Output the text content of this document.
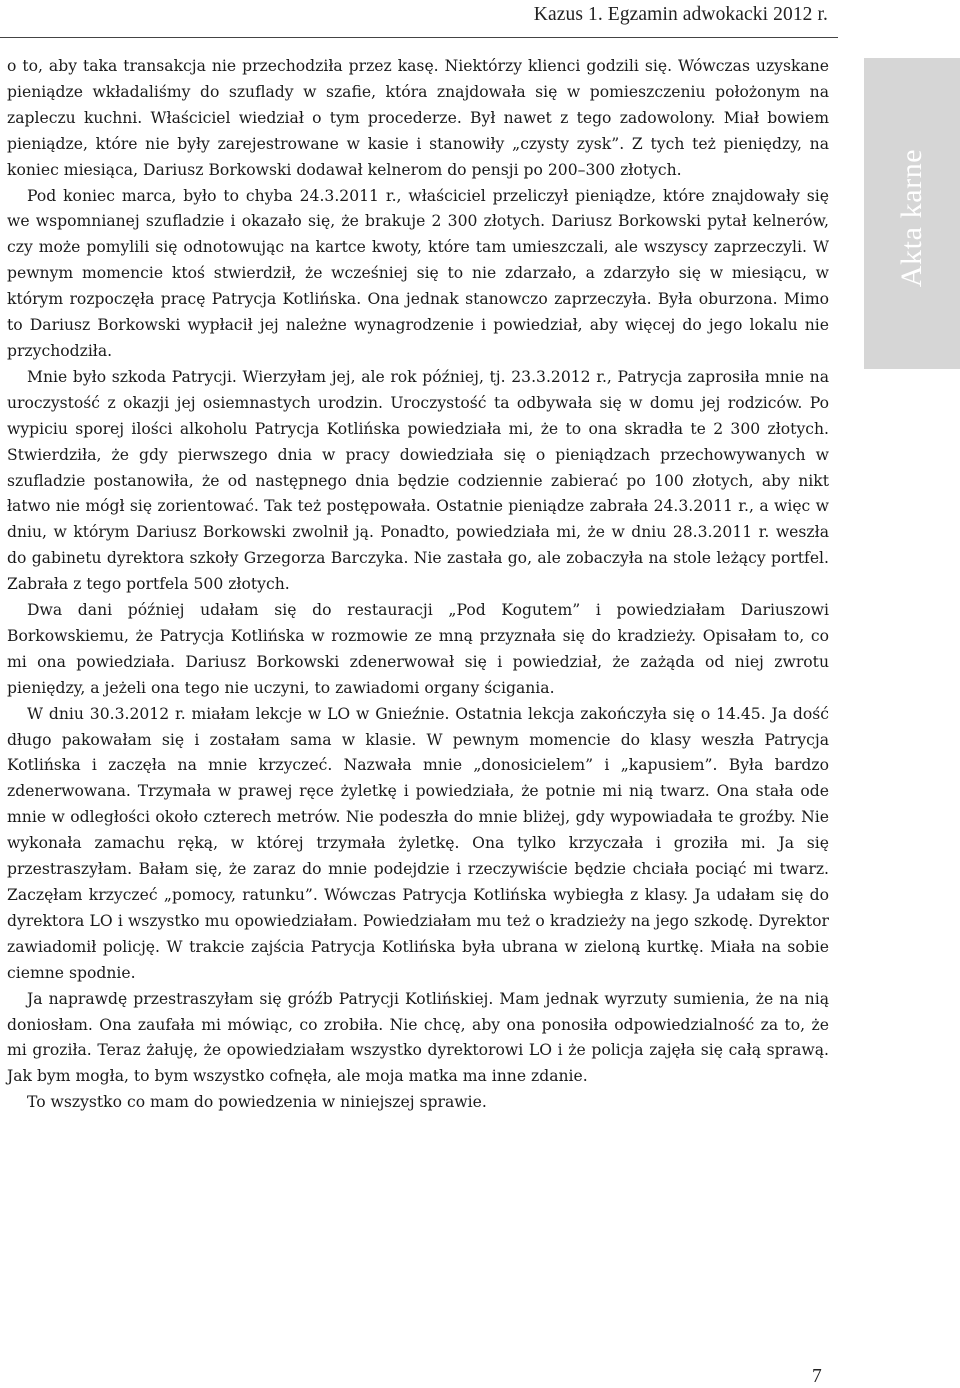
Kazus 1. Egzamin adwokacki 2012 r.
Akta karne

o to, aby taka transakcja nie przechodziła przez kasę. Niektórzy klienci godzili się. Wówczas uzyskane pieniądze wkładaliśmy do szuflady w szafie, która znajdowała się w pomieszczeniu położonym na zapleczu kuchni. Właściciel wiedział o tym procederze. Był nawet z tego zadowolony. Miał bowiem pieniądze, które nie były zarejestrowane w kasie i stanowiły „czysty zysk”. Z tych też pieniędzy, na koniec miesiąca, Dariusz Borkowski dodawał kelnerom do pensji po 200–300 złotych.

Pod koniec marca, było to chyba 24.3.2011 r., właściciel przeliczył pieniądze, które znajdowały się we wspomnianej szufladzie i okazało się, że brakuje 2 300 złotych. Dariusz Borkowski pytał kelnerów, czy może pomylili się odnotowując na kartce kwoty, które tam umieszczali, ale wszyscy zaprzeczyli. W pewnym momencie ktoś stwierdził, że wcześniej się to nie zdarzało, a zdarzyło się w miesiącu, w którym rozpoczęła pracę Patrycja Kotlińska. Ona jednak stanowczo zaprzeczyła. Była oburzona. Mimo to Dariusz Borkowski wypłacił jej należne wynagrodzenie i powiedział, aby więcej do jego lokalu nie przychodziła.

Mnie było szkoda Patrycji. Wierzyłam jej, ale rok później, tj. 23.3.2012 r., Patrycja zaprosiła mnie na uroczystość z okazji jej osiemnastych urodzin. Uroczystość ta odbywała się w domu jej rodziców. Po wypiciu sporej ilości alkoholu Patrycja Kotlińska powiedziała mi, że to ona skradła te 2 300 złotych. Stwierdziła, że gdy pierwszego dnia w pracy dowiedziała się o pieniądzach przechowywanych w szufladzie postanowiła, że od następnego dnia będzie codziennie zabierać po 100 złotych, aby nikt łatwo nie mógł się zorientować. Tak też postępowała. Ostatnie pieniądze zabrała 24.3.2011 r., a więc w dniu, w którym Dariusz Borkowski zwolnił ją. Ponadto, powiedziała mi, że w dniu 28.3.2011 r. weszła do gabinetu dyrektora szkoły Grzegorza Barczyka. Nie zastała go, ale zobaczyła na stole leżący portfel. Zabrała z tego portfela 500 złotych.

Dwa dani później udałam się do restauracji „Pod Kogutem” i powiedziałam Dariuszowi Borkowskiemu, że Patrycja Kotlińska w rozmowie ze mną przyznała się do kradzieży. Opisałam to, co mi ona powiedziała. Dariusz Borkowski zdenerwował się i powiedział, że zażąda od niej zwrotu pieniędzy, a jeżeli ona tego nie uczyni, to zawiadomi organy ścigania.

W dniu 30.3.2012 r. miałam lekcje w LO w Gnieźnie. Ostatnia lekcja zakończyła się o 14.45. Ja dość długo pakowałam się i zostałam sama w klasie. W pewnym momencie do klasy weszła Patrycja Kotlińska i zaczęła na mnie krzyczeć. Nazwała mnie „donosicielem” i „kapusiem”. Była bardzo zdenerwowana. Trzymała w prawej ręce żyletkę i powiedziała, że potnie mi nią twarz. Ona stała ode mnie w odległości około czterech metrów. Nie podeszła do mnie bliżej, gdy wypowiadała te groźby. Nie wykonała zamachu ręką, w której trzymała żyletkę. Ona tylko krzyczała i groziła mi. Ja się przestraszyłam. Bałam się, że zaraz do mnie podejdzie i rzeczywiście będzie chciała pociąć mi twarz. Zaczęłam krzyczeć „pomocy, ratunku”. Wówczas Patrycja Kotlińska wybiegła z klasy. Ja udałam się do dyrektora LO i wszystko mu opowiedziałam. Powiedziałam mu też o kradzieży na jego szkodę. Dyrektor zawiadomił policję. W trakcie zajścia Patrycja Kotlińska była ubrana w zieloną kurtkę. Miała na sobie ciemne spodnie.

Ja naprawdę przestraszyłam się gróźb Patrycji Kotlińskiej. Mam jednak wyrzuty sumienia, że na nią doniosłam. Ona zaufała mi mówiąc, co zrobiła. Nie chcę, aby ona ponosiła odpowiedzialność za to, że mi groziła. Teraz żałuję, że opowiedziałam wszystko dyrektorowi LO i że policja zajęła się całą sprawą. Jak bym mogła, to bym wszystko cofnęła, ale moja matka ma inne zdanie.

To wszystko co mam do powiedzenia w niniejszej sprawie.

7
